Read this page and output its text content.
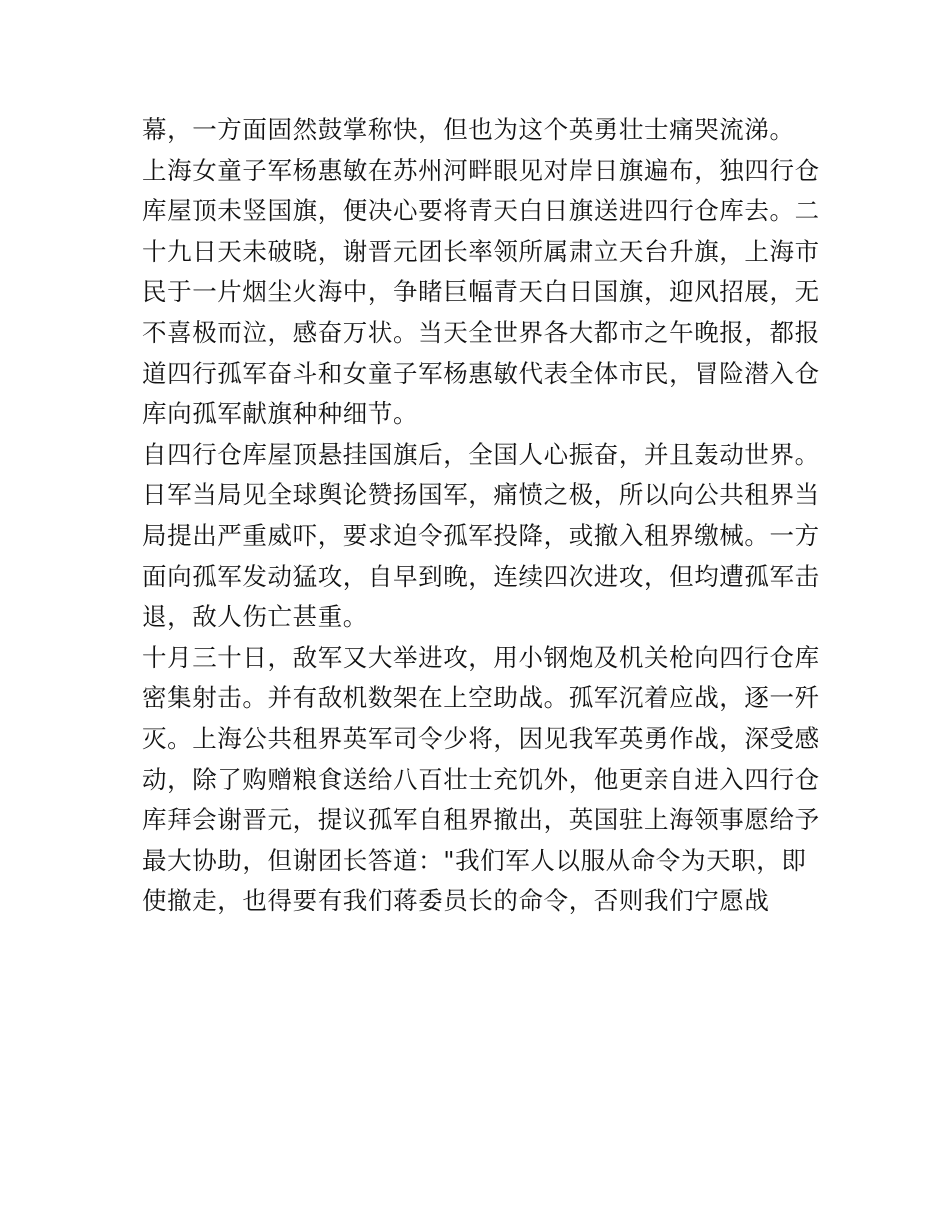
幕，一方面固然鼓掌称快，但也为这个英勇壮士痛哭流涕。
上海女童子军杨惠敏在苏州河畔眼见对岸日旗遍布，独四行仓
库屋顶未竖国旗，便决心要将青天白日旗送进四行仓库去。二
十九日天未破晓，谢晋元团长率领所属肃立天台升旗，上海市
民于一片烟尘火海中，争睹巨幅青天白日国旗，迎风招展，无
不喜极而泣，感奋万状。当天全世界各大都市之午晚报，都报
道四行孤军奋斗和女童子军杨惠敏代表全体市民，冒险潜入仓
库向孤军献旗种种细节。
自四行仓库屋顶悬挂国旗后，全国人心振奋，并且轰动世界。
日军当局见全球舆论赞扬国军，痛愤之极，所以向公共租界当
局提出严重威吓，要求迫令孤军投降，或撤入租界缴械。一方
面向孤军发动猛攻，自早到晚，连续四次进攻，但均遭孤军击
退，敌人伤亡甚重。
十月三十日，敌军又大举进攻，用小钢炮及机关枪向四行仓库
密集射击。并有敌机数架在上空助战。孤军沉着应战，逐一歼
灭。上海公共租界英军司令少将，因见我军英勇作战，深受感
动，除了购赠粮食送给八百壮士充饥外，他更亲自进入四行仓
库拜会谢晋元，提议孤军自租界撤出，英国驻上海领事愿给予
最大协助，但谢团长答道："我们军人以服从命令为天职，即
使撤走，也得要有我们蒋委员长的命令，否则我们宁愿战
